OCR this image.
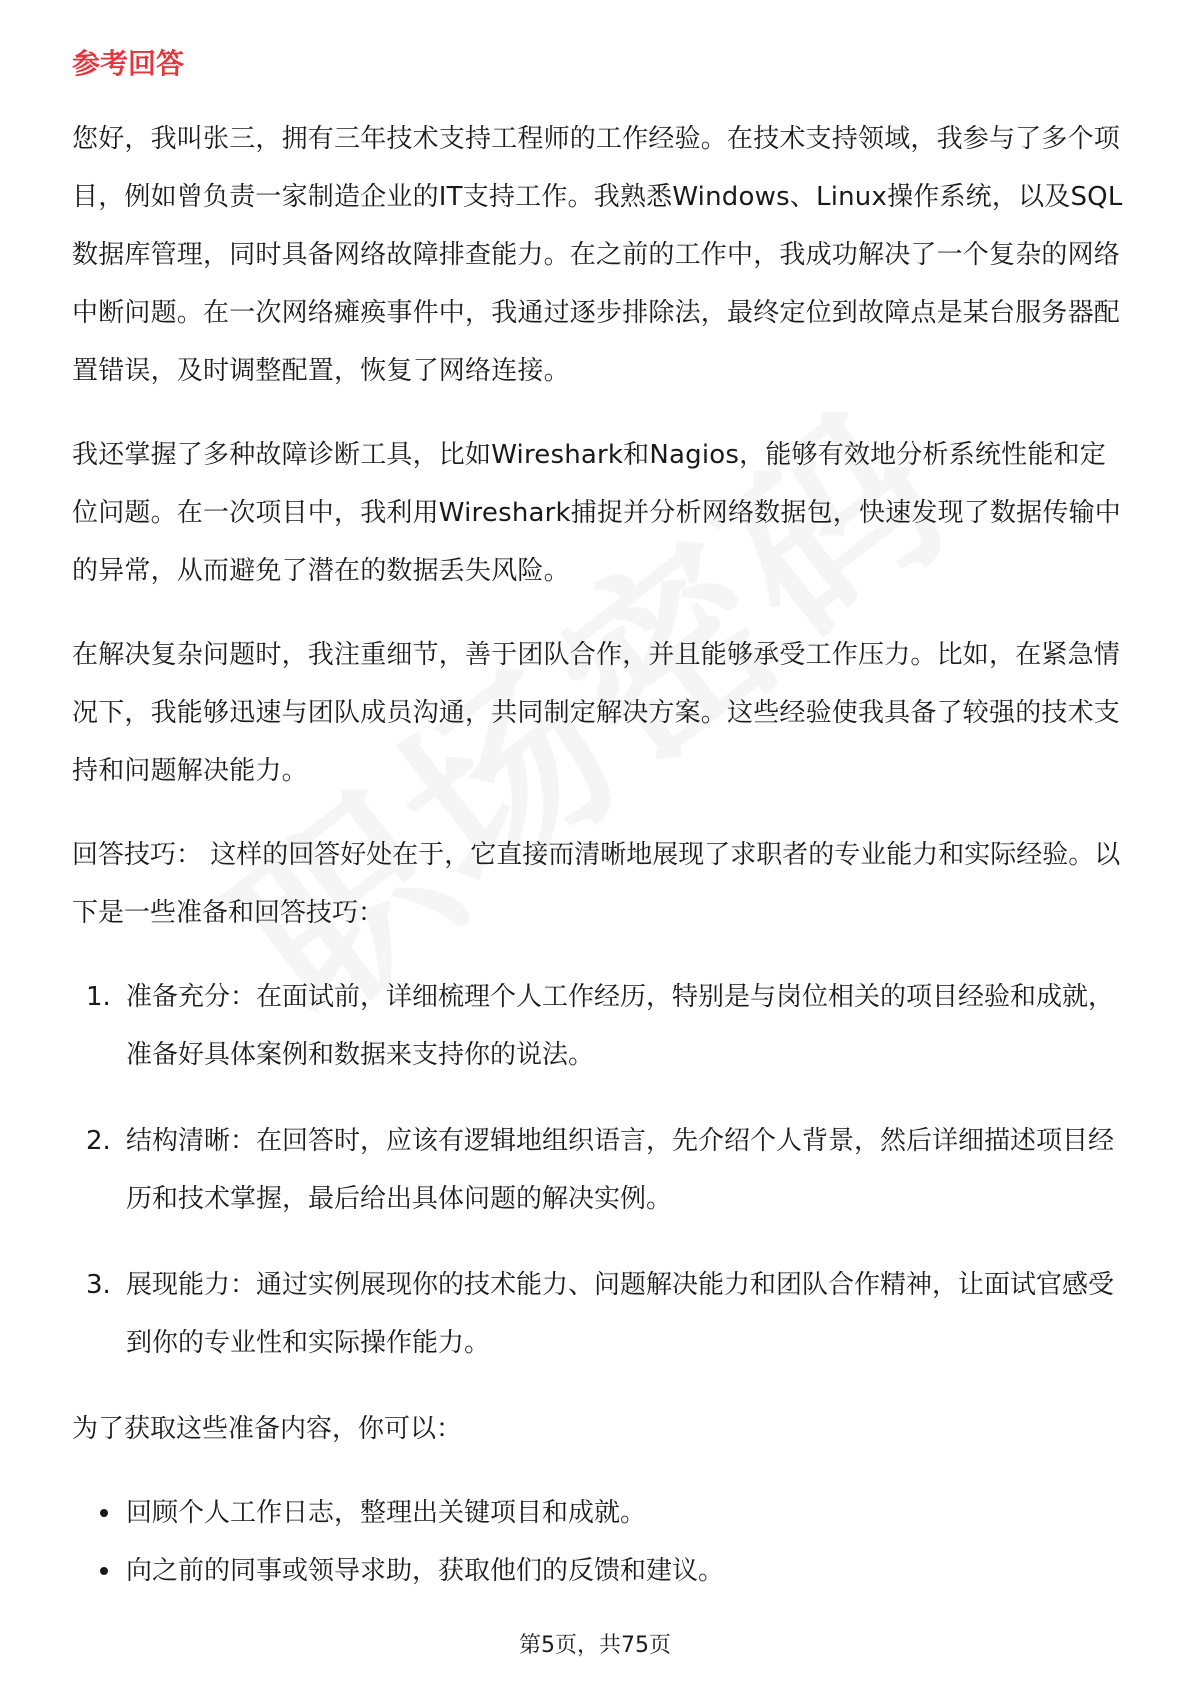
参考回答

您好，我叫张三，拥有三年技术支持工程师的工作经验。在技术支持领域，我参与了多个项目，例如曾负责一家制造企业的IT支持工作。我熟悉Windows、Linux操作系统，以及SQL数据库管理，同时具备网络故障排查能力。在之前的工作中，我成功解决了一个复杂的网络中断问题。在一次网络瘫痪事件中，我通过逐步排除法，最终定位到故障点是某台服务器配置错误，及时调整配置，恢复了网络连接。

我还掌握了多种故障诊断工具，比如Wireshark和Nagios，能够有效地分析系统性能和定位问题。在一次项目中，我利用Wireshark捕捉并分析网络数据包，快速发现了数据传输中的异常，从而避免了潜在的数据丢失风险。

在解决复杂问题时，我注重细节，善于团队合作，并且能够承受工作压力。比如，在紧急情况下，我能够迅速与团队成员沟通，共同制定解决方案。这些经验使我具备了较强的技术支持和问题解决能力。

回答技巧： 这样的回答好处在于，它直接而清晰地展现了求职者的专业能力和实际经验。以下是一些准备和回答技巧：

1. 准备充分：在面试前，详细梳理个人工作经历，特别是与岗位相关的项目经验和成就，准备好具体案例和数据来支持你的说法。
2. 结构清晰：在回答时，应该有逻辑地组织语言，先介绍个人背景，然后详细描述项目经历和技术掌握，最后给出具体问题的解决实例。
3. 展现能力：通过实例展现你的技术能力、问题解决能力和团队合作精神，让面试官感受到你的专业性和实际操作能力。

为了获取这些准备内容，你可以：

回顾个人工作日志，整理出关键项目和成就。
向之前的同事或领导求助，获取他们的反馈和建议。
第5页，共75页
